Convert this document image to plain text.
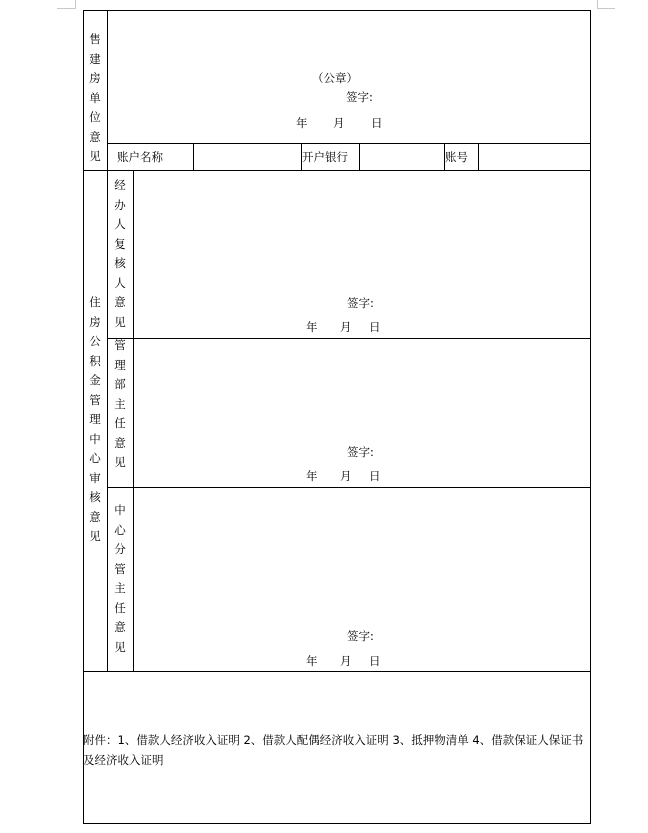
售建房单位意见
（公章）
签字:
年 月 日
账户名称	开户银行	账号
住房公积金管理中心审核意见
经办人复核人意见
签字:
年 月 日
管理部主任意见
签字:
年 月 日
中心分管主任意见
签字:
年 月 日
附件：1、借款人经济收入证明 2、借款人配偶经济收入证明 3、抵押物清单 4、借款保证人保证书及经济收入证明
